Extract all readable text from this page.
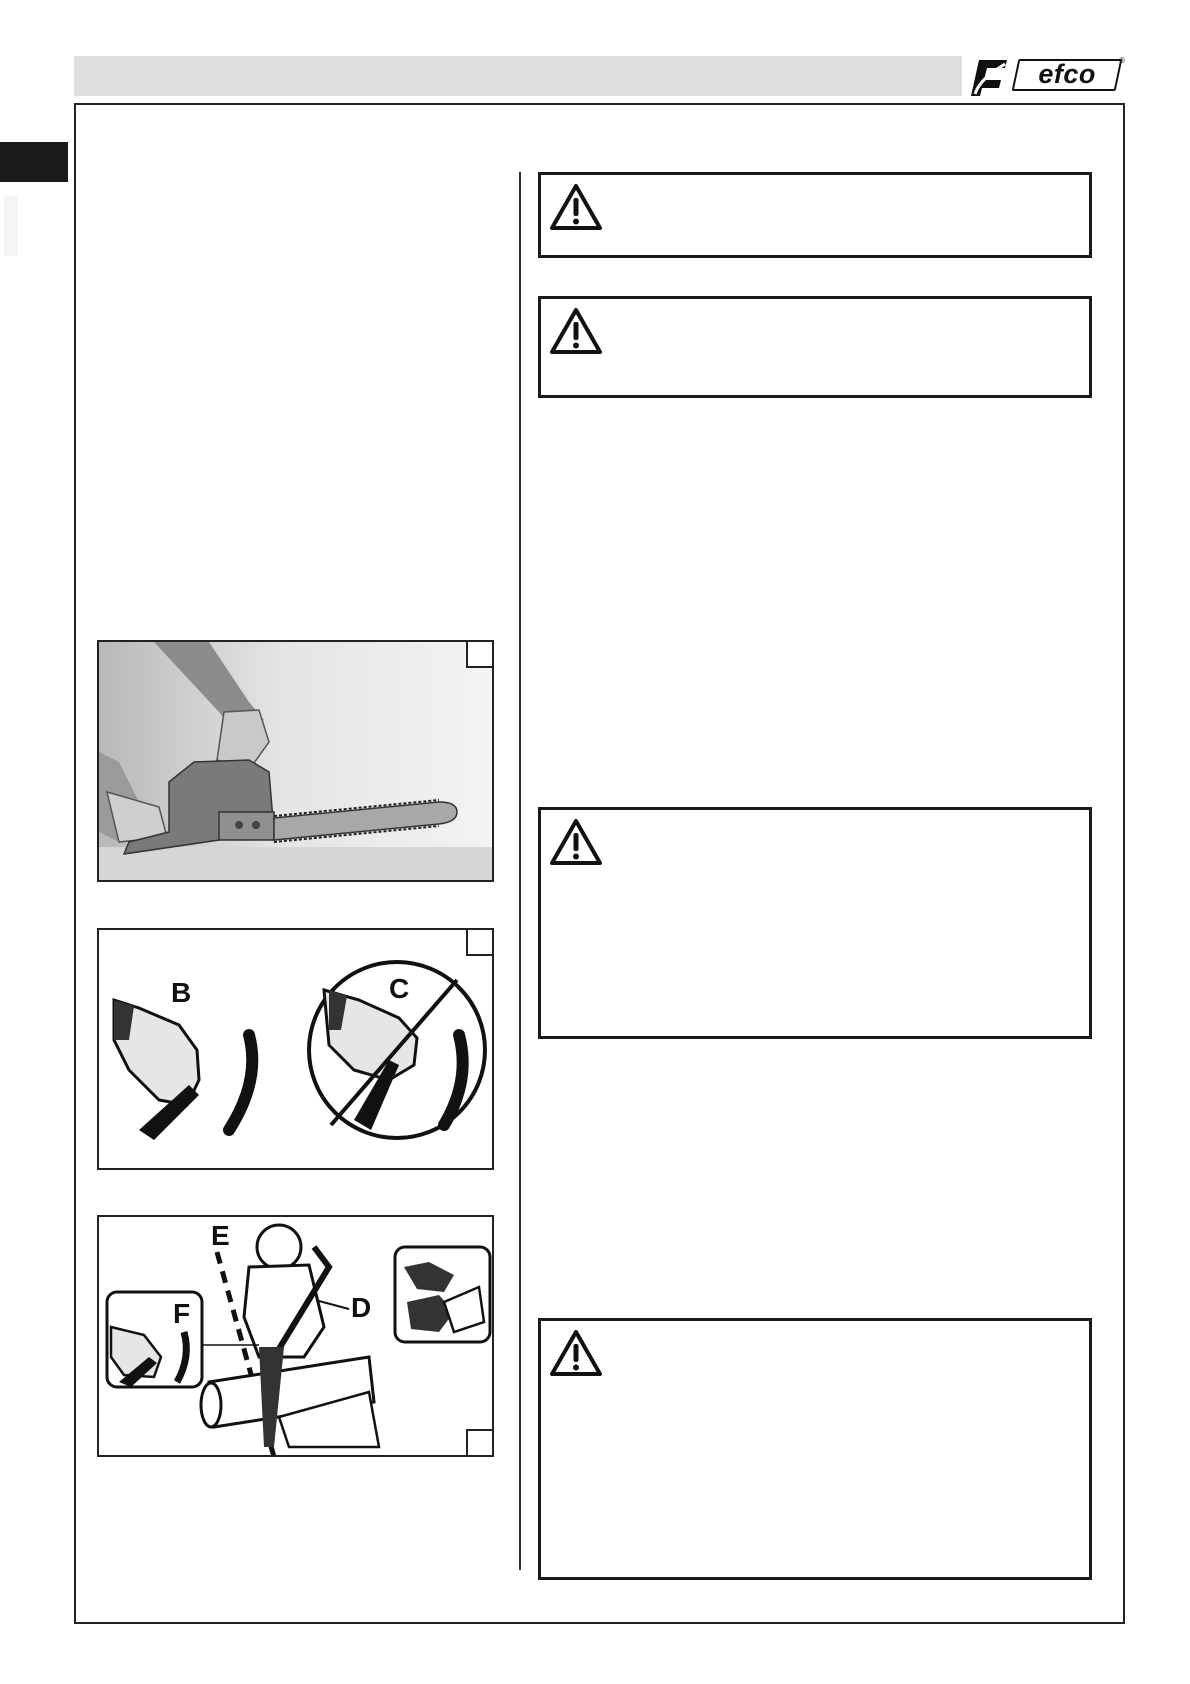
efco	®
B	C
E
D
F
